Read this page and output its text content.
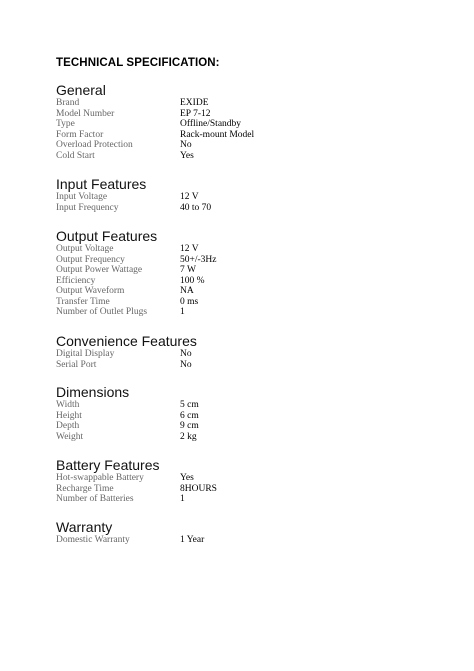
TECHNICAL SPECIFICATION:
General
Brand	EXIDE
Model Number	EP 7-12
Type	Offline/Standby
Form Factor	Rack-mount Model
Overload Protection	No
Cold Start	Yes
Input Features
Input Voltage	12 V
Input Frequency	40 to 70
Output Features
Output Voltage	12 V
Output Frequency	50+/-3Hz
Output Power Wattage	7 W
Efficiency	100 %
Output Waveform	NA
Transfer Time	0 ms
Number of Outlet Plugs	1
Convenience Features
Digital Display	No
Serial Port	No
Dimensions
Width	5 cm
Height	6 cm
Depth	9 cm
Weight	2 kg
Battery Features
Hot-swappable Battery	Yes
Recharge Time	8HOURS
Number of Batteries	1
Warranty
Domestic Warranty	1 Year
